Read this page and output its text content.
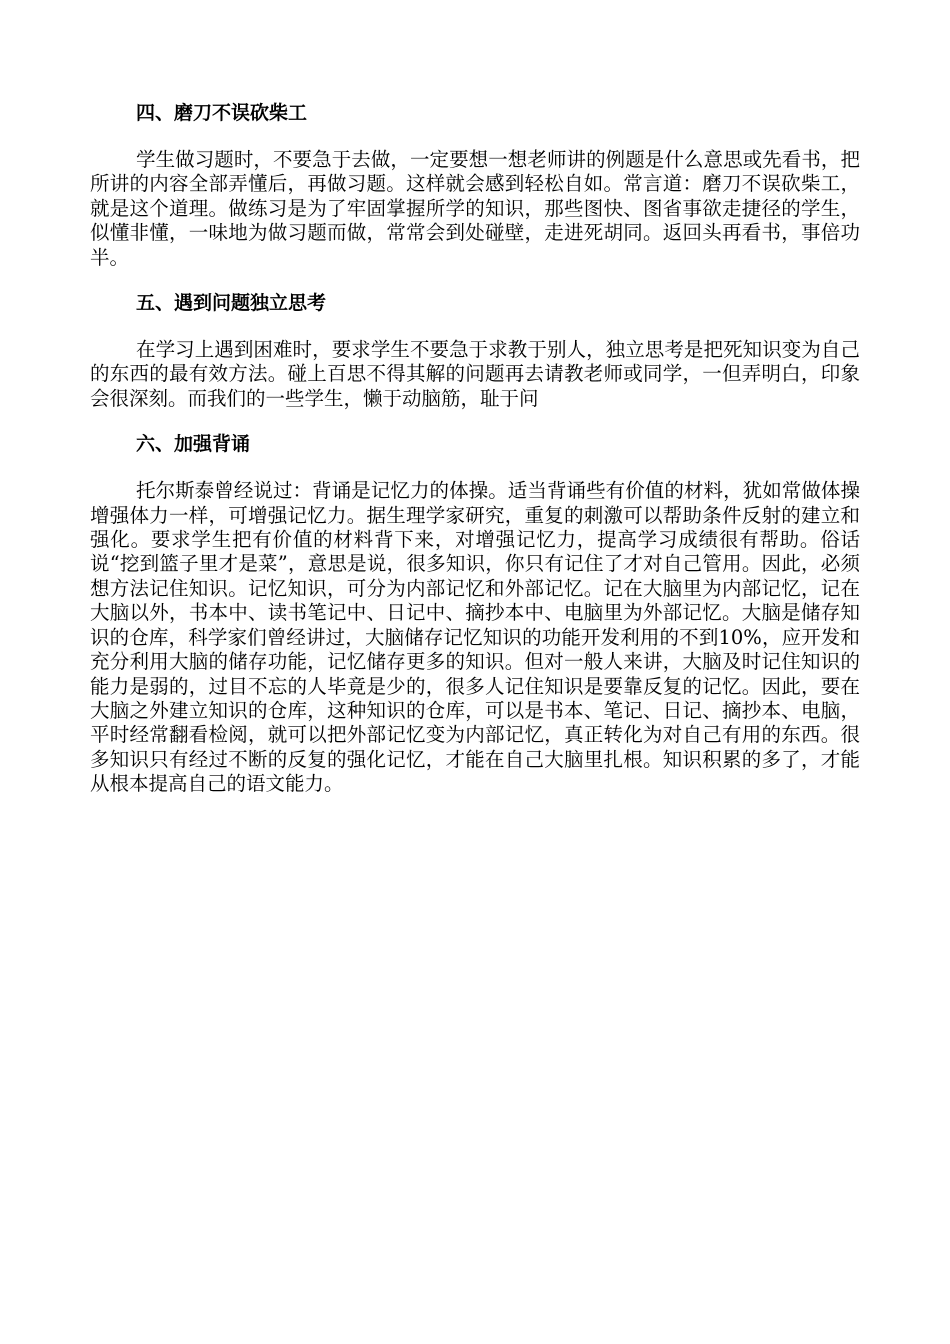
四、磨刀不误砍柴工

学生做习题时，不要急于去做，一定要想一想老师讲的例题是什么意思或先看书，把所讲的内容全部弄懂后，再做习题。这样就会感到轻松自如。常言道：磨刀不误砍柴工，就是这个道理。做练习是为了牢固掌握所学的知识，那些图快、图省事欲走捷径的学生，似懂非懂，一味地为做习题而做，常常会到处碰壁，走进死胡同。返回头再看书，事倍功半。

五、遇到问题独立思考

在学习上遇到困难时，要求学生不要急于求教于别人，独立思考是把死知识变为自己的东西的最有效方法。碰上百思不得其解的问题再去请教老师或同学，一但弄明白，印象会很深刻。而我们的一些学生，懒于动脑筋，耻于问

六、加强背诵

托尔斯泰曾经说过：背诵是记忆力的体操。适当背诵些有价值的材料，犹如常做体操增强体力一样，可增强记忆力。据生理学家研究，重复的刺激可以帮助条件反射的建立和强化。要求学生把有价值的材料背下来，对增强记忆力，提高学习成绩很有帮助。俗话说“挖到篮子里才是菜”，意思是说，很多知识，你只有记住了才对自己管用。因此，必须想方法记住知识。记忆知识，可分为内部记忆和外部记忆。记在大脑里为内部记忆，记在大脑以外，书本中、读书笔记中、日记中、摘抄本中、电脑里为外部记忆。大脑是储存知识的仓库，科学家们曾经讲过，大脑储存记忆知识的功能开发利用的不到10%，应开发和充分利用大脑的储存功能，记忆储存更多的知识。但对一般人来讲，大脑及时记住知识的能力是弱的，过目不忘的人毕竟是少的，很多人记住知识是要靠反复的记忆。因此，要在大脑之外建立知识的仓库，这种知识的仓库，可以是书本、笔记、日记、摘抄本、电脑，平时经常翻看检阅，就可以把外部记忆变为内部记忆，真正转化为对自己有用的东西。很多知识只有经过不断的反复的强化记忆，才能在自己大脑里扎根。知识积累的多了，才能从根本提高自己的语文能力。
